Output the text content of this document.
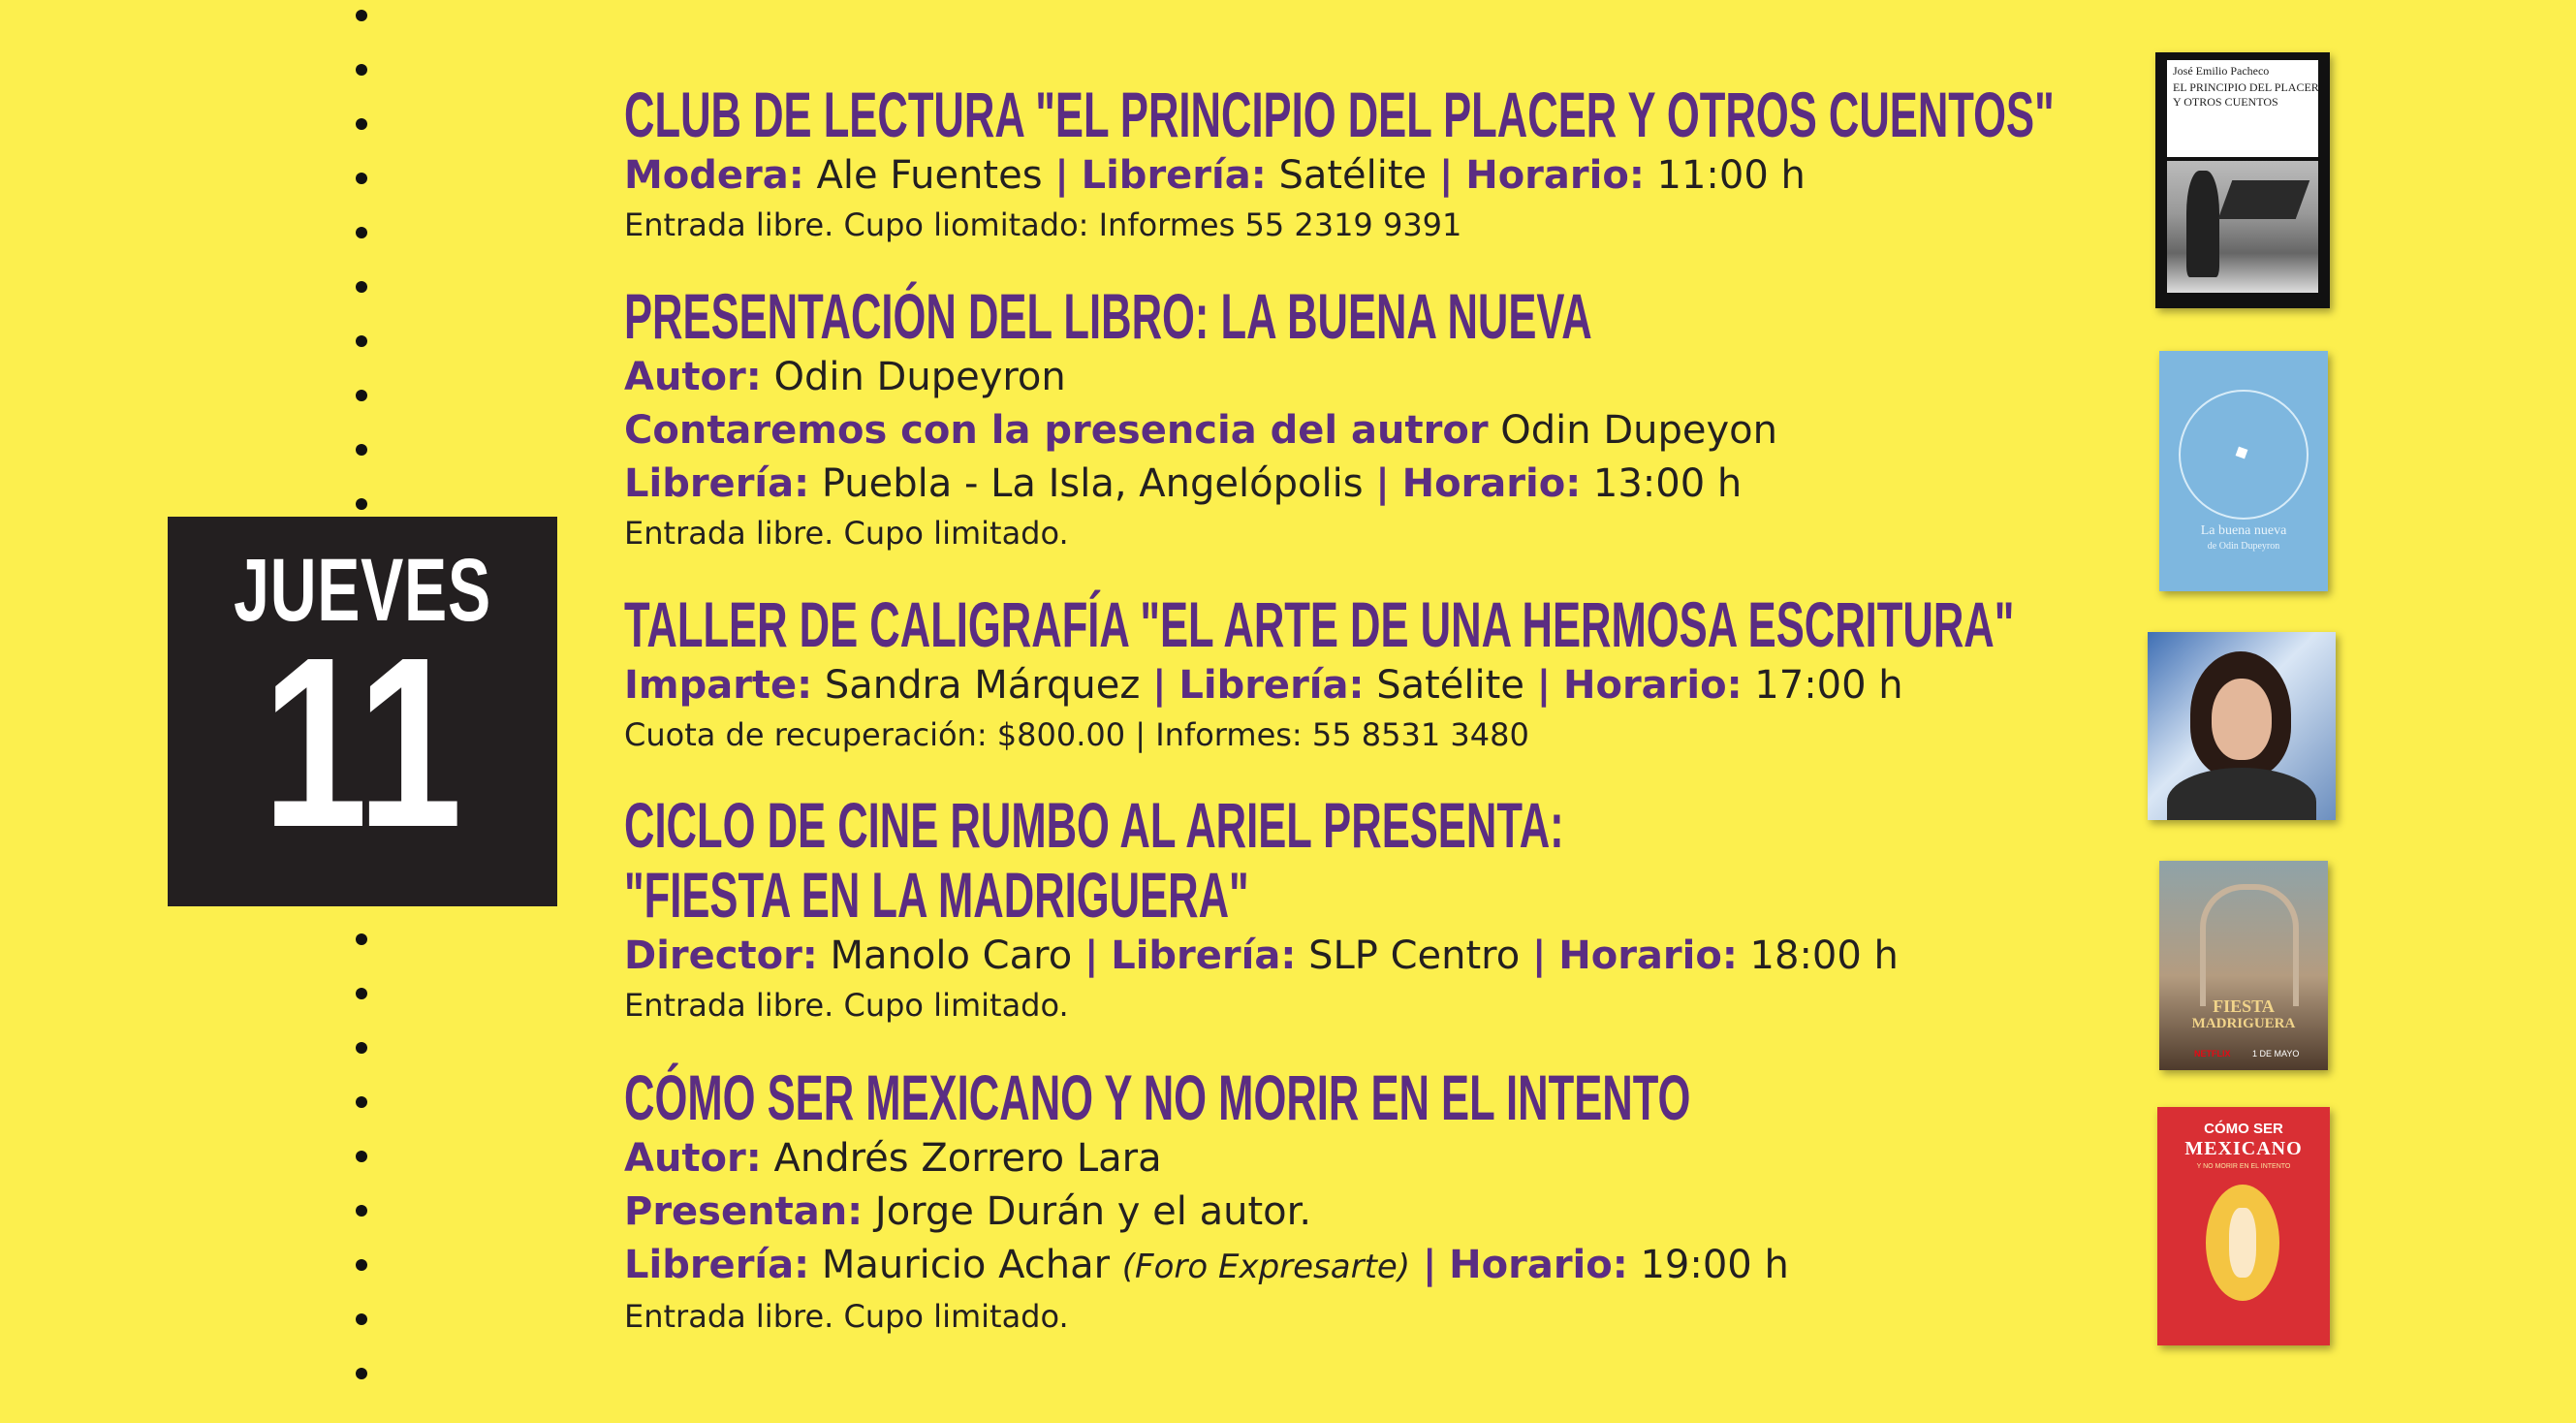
JUEVES
11
CLUB DE LECTURA "EL PRINCIPIO DEL PLACER Y OTROS CUENTOS"
Modera: Ale Fuentes | Librería: Satélite | Horario: 11:00 h
Entrada libre. Cupo liomitado: Informes 55 2319 9391
PRESENTACIÓN DEL LIBRO: LA BUENA NUEVA
Autor: Odin Dupeyron
Contaremos con la presencia del autror Odin Dupeyon
Librería: Puebla - La Isla, Angelópolis | Horario: 13:00 h
Entrada libre. Cupo limitado.
TALLER DE CALIGRAFÍA "EL ARTE DE UNA HERMOSA ESCRITURA"
Imparte: Sandra Márquez | Librería: Satélite | Horario: 17:00 h
Cuota de recuperación: $800.00 | Informes: 55 8531 3480
CICLO DE CINE RUMBO AL ARIEL PRESENTA:
"FIESTA EN LA MADRIGUERA"
Director: Manolo Caro | Librería: SLP Centro | Horario: 18:00 h
Entrada libre. Cupo limitado.
CÓMO SER MEXICANO Y NO MORIR EN EL INTENTO
Autor: Andrés Zorrero Lara
Presentan: Jorge Durán y el autor.
Librería: Mauricio Achar (Foro Expresarte) | Horario: 19:00 h
Entrada libre. Cupo limitado.
José Emilio Pacheco
EL PRINCIPIO DEL PLACER
Y OTROS CUENTOS
La buena nueva
de Odin Dupeyron
FIESTA
MADRIGUERA
NETFLIX	1 DE MAYO
CÓMO SER
MEXICANO
Y NO MORIR EN EL INTENTO
